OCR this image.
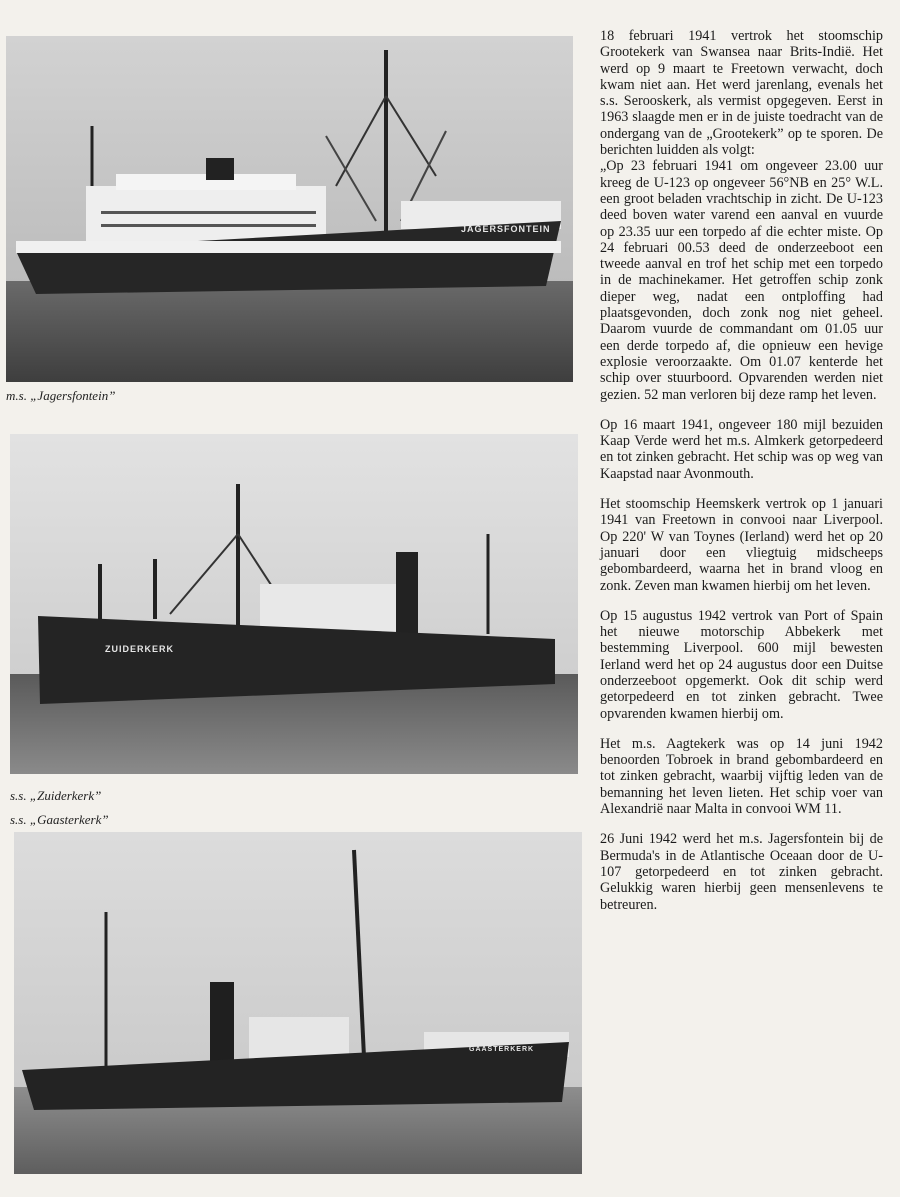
JAGERSFONTEIN
m.s. „Jagersfontein”
ZUIDERKERK
s.s. „Zuiderkerk”
s.s. „Gaasterkerk”
GAASTERKERK

18 februari 1941 vertrok het stoomschip Grootekerk van Swansea naar Brits-Indië. Het werd op 9 maart te Freetown verwacht, doch kwam niet aan. Het werd jarenlang, evenals het s.s. Serooskerk, als vermist opgegeven. Eerst in 1963 slaagde men er in de juiste toedracht van de ondergang van de „Grootekerk” op te sporen. De berichten luidden als volgt:

„Op 23 februari 1941 om ongeveer 23.00 uur kreeg de U-123 op ongeveer 56°NB en 25° W.L. een groot beladen vrachtschip in zicht. De U-123 deed boven water varend een aanval en vuurde op 23.35 uur een torpedo af die echter miste. Op 24 februari 00.53 deed de onderzeeboot een tweede aanval en trof het schip met een torpedo in de machinekamer. Het getroffen schip zonk dieper weg, nadat een ontploffing had plaatsgevonden, doch zonk nog niet geheel. Daarom vuurde de commandant om 01.05 uur een derde torpedo af, die opnieuw een hevige explosie veroorzaakte. Om 01.07 kenterde het schip over stuurboord. Opvarenden werden niet gezien. 52 man verloren bij deze ramp het leven.

Op 16 maart 1941, ongeveer 180 mijl bezuiden Kaap Verde werd het m.s. Almkerk getorpedeerd en tot zinken gebracht. Het schip was op weg van Kaapstad naar Avonmouth.

Het stoomschip Heemskerk vertrok op 1 januari 1941 van Freetown in convooi naar Liverpool. Op 220' W van Toynes (Ierland) werd het op 20 januari door een vliegtuig midscheeps gebombardeerd, waarna het in brand vloog en zonk. Zeven man kwamen hierbij om het leven.

Op 15 augustus 1942 vertrok van Port of Spain het nieuwe motorschip Abbekerk met bestemming Liverpool. 600 mijl bewesten Ierland werd het op 24 augustus door een Duitse onderzeeboot opgemerkt. Ook dit schip werd getorpedeerd en tot zinken gebracht. Twee opvarenden kwamen hierbij om.

Het m.s. Aagtekerk was op 14 juni 1942 benoorden Tobroek in brand gebombardeerd en tot zinken gebracht, waarbij vijftig leden van de bemanning het leven lieten. Het schip voer van Alexandrië naar Malta in convooi WM 11.

26 Juni 1942 werd het m.s. Jagersfontein bij de Bermuda's in de Atlantische Oceaan door de U-107 getorpedeerd en tot zinken gebracht. Gelukkig waren hierbij geen mensenlevens te betreuren.
